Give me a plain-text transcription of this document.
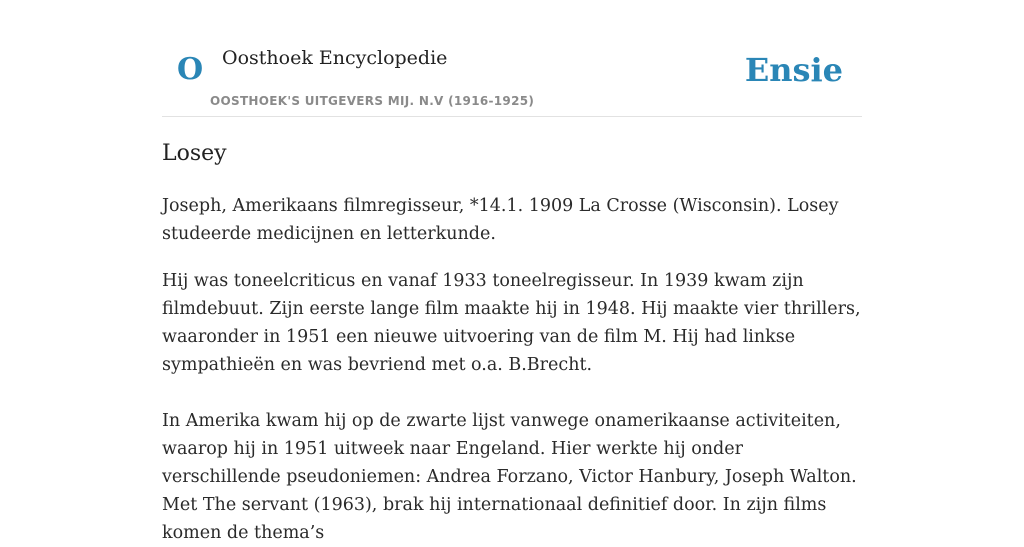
O Oosthoek Encyclopedie
OOSTHOEK'S UITGEVERS MIJ. N.V (1916-1925)
Ensie
Losey

Joseph, Amerikaans filmregisseur, *14.1. 1909 La Crosse (Wisconsin). Losey studeerde medicijnen en letterkunde.

Hij was toneelcriticus en vanaf 1933 toneelregisseur. In 1939 kwam zijn filmdebuut. Zijn eerste lange film maakte hij in 1948. Hij maakte vier thrillers, waaronder in 1951 een nieuwe uitvoering van de film M. Hij had linkse sympathieën en was bevriend met o.a. B.Brecht.

In Amerika kwam hij op de zwarte lijst vanwege onamerikaanse activiteiten, waarop hij in 1951 uitweek naar Engeland. Hier werkte hij onder verschillende pseudoniemen: Andrea Forzano, Victor Hanbury, Joseph Walton. Met The servant (1963), brak hij internationaal definitief door. In zijn films komen de thema’s
